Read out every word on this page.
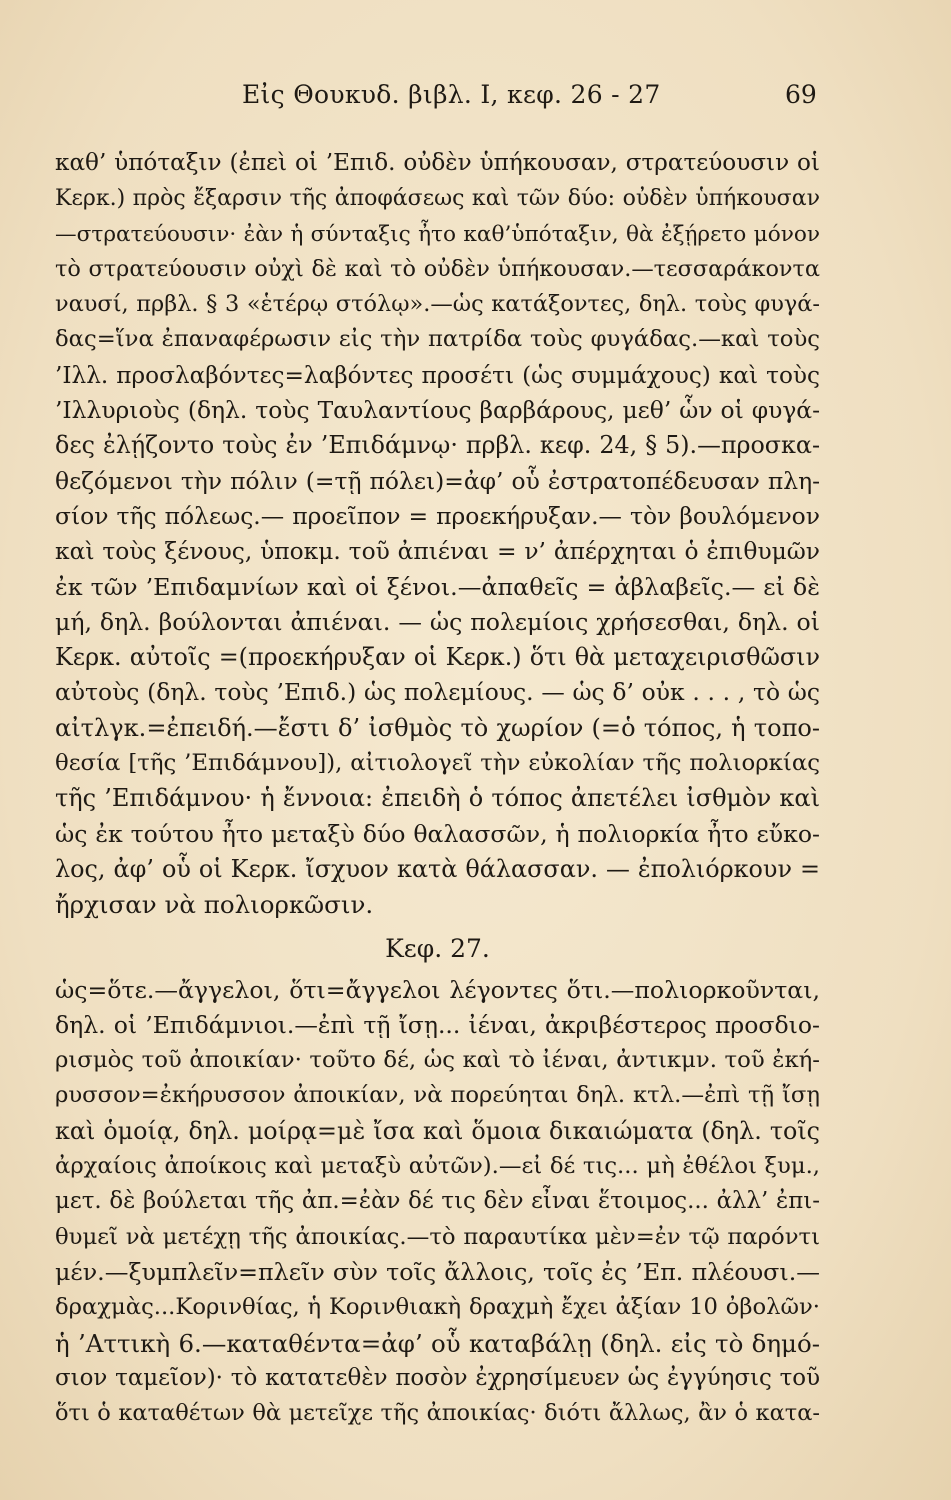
Εἰς Θουκυδ. βιβλ. Ι, κεφ. 26 - 27	69
καθ’ ὑπόταξιν (ἐπεὶ οἱ ’Επιδ. οὐδὲν ὑπήκουσαν, στρατεύουσιν οἱ
Κερκ.) πρὸς ἔξαρσιν τῆς ἀποφάσεως καὶ τῶν δύο: οὐδὲν ὑπήκουσαν
—στρατεύουσιν· ἐὰν ἡ σύνταξις ἦτο καθ’ὑπόταξιν, θὰ ἐξῄρετο μόνον
τὸ στρατεύουσιν οὐχὶ δὲ καὶ τὸ οὐδὲν ὑπήκουσαν.—τεσσαράκοντα
ναυσί, πρβλ. § 3 «ἑτέρῳ στόλῳ».—ὡς κατάξοντες, δηλ. τοὺς φυγά-
δας=ἵνα ἐπαναφέρωσιν εἰς τὴν πατρίδα τοὺς φυγάδας.—καὶ τοὺς
’Ιλλ. προσλαβόντες=λαβόντες προσέτι (ὡς συμμάχους) καὶ τοὺς
’Ιλλυριοὺς (δηλ. τοὺς Ταυλαντίους βαρβάρους, μεθ’ ὧν οἱ φυγά-
δες ἐλῄζοντο τοὺς ἐν ’Επιδάμνῳ· πρβλ. κεφ. 24, § 5).—προσκα-
θεζόμενοι τὴν πόλιν (=τῇ πόλει)=ἀφ’ οὗ ἐστρατοπέδευσαν πλη-
σίον τῆς πόλεως.— προεῖπον = προεκήρυξαν.— τὸν βουλόμενον
καὶ τοὺς ξένους, ὑποκμ. τοῦ ἀπιέναι = ν’ ἀπέρχηται ὁ ἐπιθυμῶν
ἐκ τῶν ’Επιδαμνίων καὶ οἱ ξένοι.—ἀπαθεῖς = ἀβλαβεῖς.— εἰ δὲ
μή, δηλ. βούλονται ἀπιέναι. — ὡς πολεμίοις χρήσεσθαι, δηλ. οἱ
Κερκ. αὐτοῖς =(προεκήρυξαν οἱ Κερκ.) ὅτι θὰ μεταχειρισθῶσιν
αὐτοὺς (δηλ. τοὺς ’Επιδ.) ὡς πολεμίους. — ὡς δ’ οὐκ . . . , τὸ ὡς
αἰτλγκ.=ἐπειδή.—ἔστι δ’ ἰσθμὸς τὸ χωρίον (=ὁ τόπος, ἡ τοπο-
θεσία [τῆς ’Επιδάμνου]), αἰτιολογεῖ τὴν εὐκολίαν τῆς πολιορκίας
τῆς ’Επιδάμνου· ἡ ἔννοια: ἐπειδὴ ὁ τόπος ἀπετέλει ἰσθμὸν καὶ
ὡς ἐκ τούτου ἦτο μεταξὺ δύο θαλασσῶν, ἡ πολιορκία ἦτο εὔκο-
λος, ἀφ’ οὗ οἱ Κερκ. ἴσχυον κατὰ θάλασσαν. — ἐπολιόρκουν =
ἤρχισαν νὰ πολιορκῶσιν.
Κεφ. 27.
ὡς=ὅτε.—ἄγγελοι, ὅτι=ἄγγελοι λέγοντες ὅτι.—πολιορκοῦνται,
δηλ. οἱ ’Επιδάμνιοι.—ἐπὶ τῇ ἴσῃ... ἰέναι, ἀκριβέστερος προσδιο-
ρισμὸς τοῦ ἀποικίαν· τοῦτο δέ, ὡς καὶ τὸ ἰέναι, ἀντικμν. τοῦ ἐκή-
ρυσσον=ἐκήρυσσον ἀποικίαν, νὰ πορεύηται δηλ. κτλ.—ἐπὶ τῇ ἴσῃ
καὶ ὁμοίᾳ, δηλ. μοίρᾳ=μὲ ἴσα καὶ ὅμοια δικαιώματα (δηλ. τοῖς
ἀρχαίοις ἀποίκοις καὶ μεταξὺ αὐτῶν).—εἰ δέ τις... μὴ ἐθέλοι ξυμ.,
μετ. δὲ βούλεται τῆς ἀπ.=ἐὰν δέ τις δὲν εἶναι ἕτοιμος... ἀλλ’ ἐπι-
θυμεῖ νὰ μετέχῃ τῆς ἀποικίας.—τὸ παραυτίκα μὲν=ἐν τῷ παρόντι
μέν.—ξυμπλεῖν=πλεῖν σὺν τοῖς ἄλλοις, τοῖς ἐς ’Επ. πλέουσι.—
δραχμὰς...Κορινθίας, ἡ Κορινθιακὴ δραχμὴ ἔχει ἀξίαν 10 ὀβολῶν·
ἡ ’Αττικὴ 6.—καταθέντα=ἀφ’ οὗ καταβάλῃ (δηλ. εἰς τὸ δημό-
σιον ταμεῖον)· τὸ κατατεθὲν ποσὸν ἐχρησίμευεν ὡς ἐγγύησις τοῦ
ὅτι ὁ καταθέτων θὰ μετεῖχε τῆς ἀποικίας· διότι ἄλλως, ἂν ὁ κατα-
